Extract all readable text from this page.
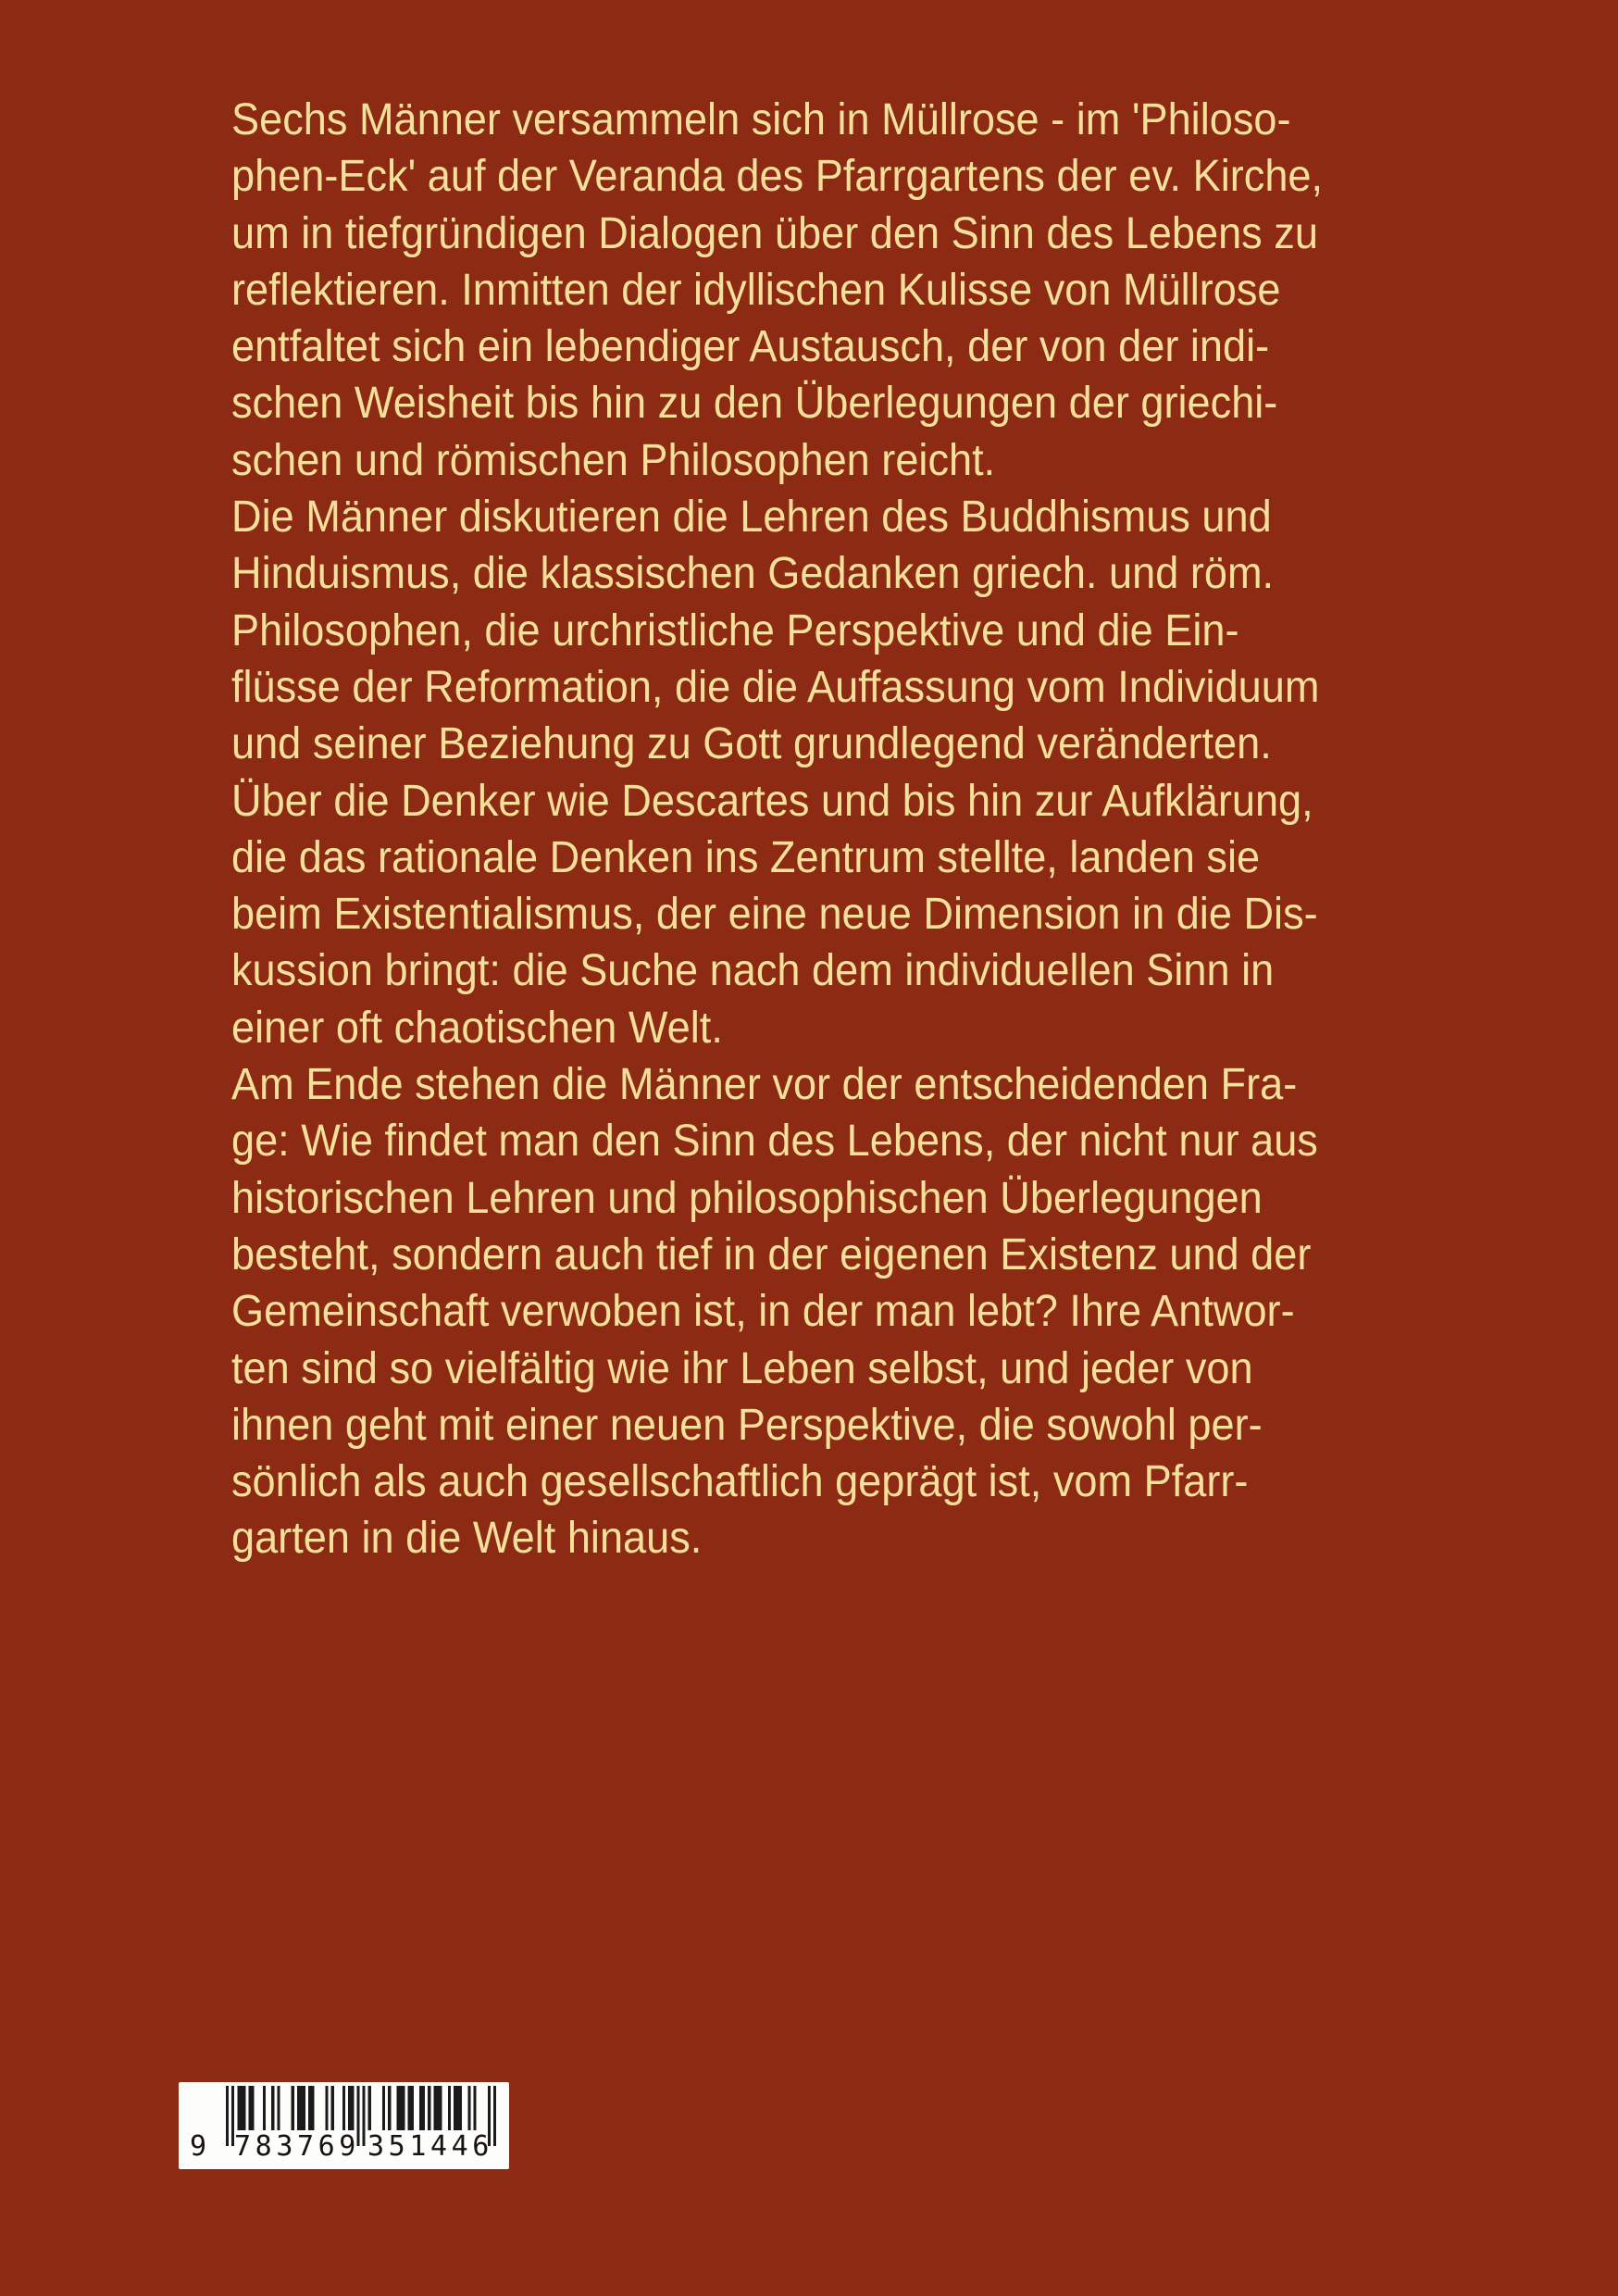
Sechs Männer versammeln sich in Müllrose - im 'Philoso-
phen-Eck' auf der Veranda des Pfarrgartens der ev. Kirche,
um in tiefgründigen Dialogen über den Sinn des Lebens zu
reflektieren. Inmitten der idyllischen Kulisse von Müllrose
entfaltet sich ein lebendiger Austausch, der von der indi-
schen Weisheit bis hin zu den Überlegungen der griechi-
schen und römischen Philosophen reicht.
Die Männer diskutieren die Lehren des Buddhismus und
Hinduismus, die klassischen Gedanken griech. und röm.
Philosophen, die urchristliche Perspektive und die Ein-
flüsse der Reformation, die die Auffassung vom Individuum
und seiner Beziehung zu Gott grundlegend veränderten.
Über die Denker wie Descartes und bis hin zur Aufklärung,
die das rationale Denken ins Zentrum stellte, landen sie
beim Existentialismus, der eine neue Dimension in die Dis-
kussion bringt: die Suche nach dem individuellen Sinn in
einer oft chaotischen Welt.
Am Ende stehen die Männer vor der entscheidenden Fra-
ge: Wie findet man den Sinn des Lebens, der nicht nur aus
historischen Lehren und philosophischen Überlegungen
besteht, sondern auch tief in der eigenen Existenz und der
Gemeinschaft verwoben ist, in der man lebt? Ihre Antwor-
ten sind so vielfältig wie ihr Leben selbst, und jeder von
ihnen geht mit einer neuen Perspektive, die sowohl per-
sönlich als auch gesellschaftlich geprägt ist, vom Pfarr-
garten in die Welt hinaus.
9 783769 351446
